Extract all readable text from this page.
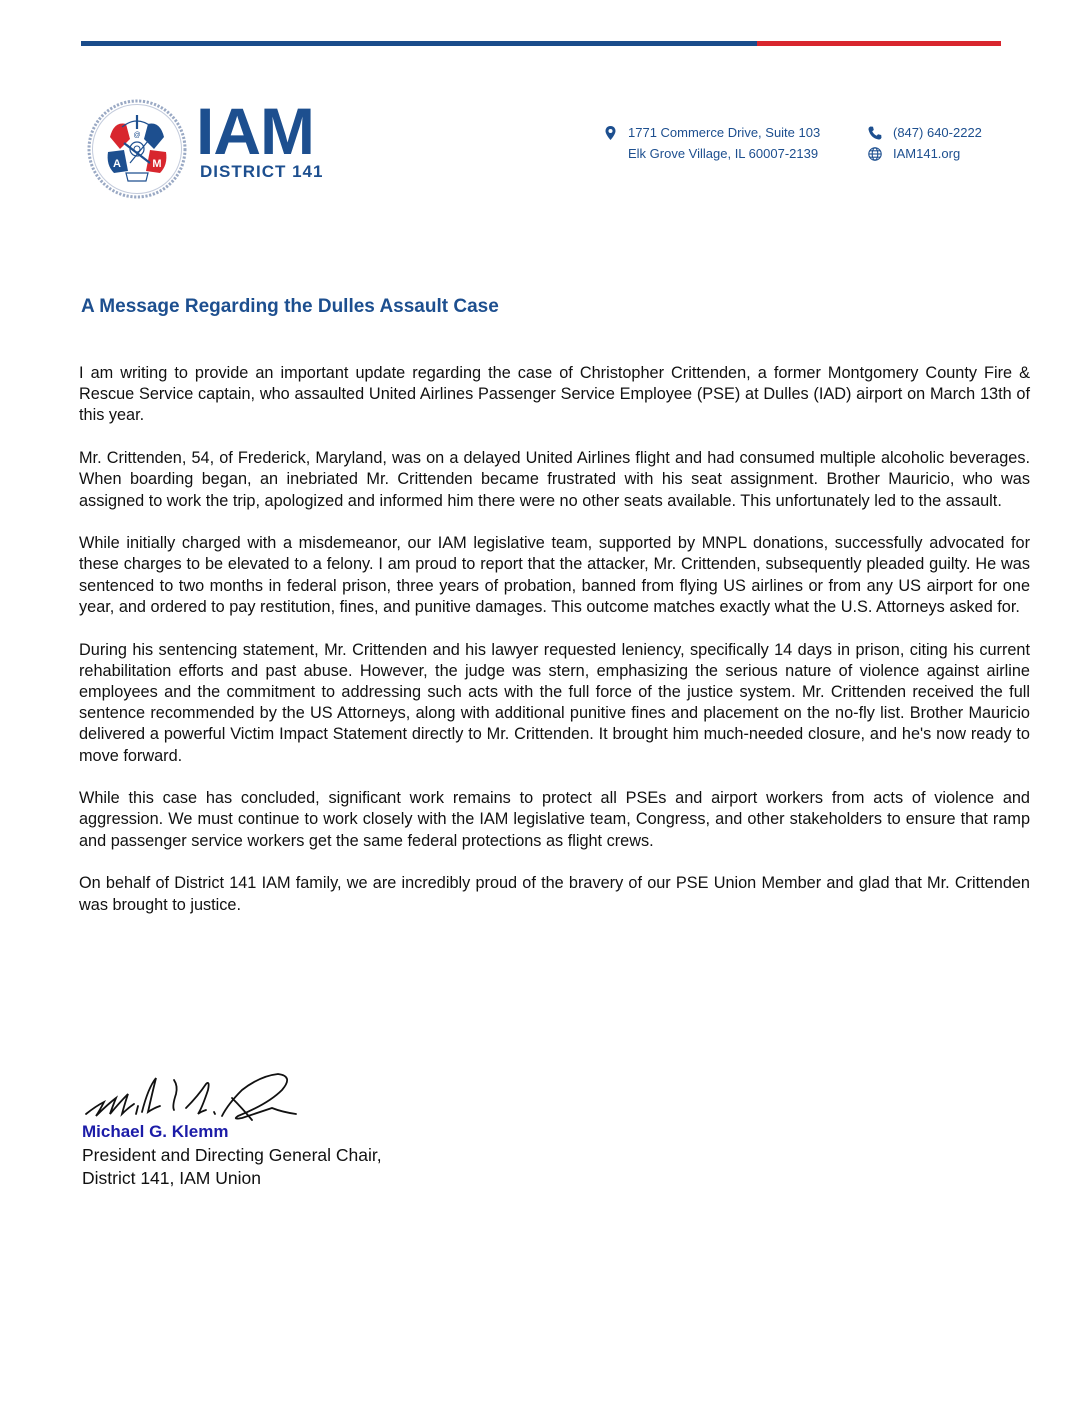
A	M
@ IAM
DISTRICT 141
1771 Commerce Drive, Suite 103
Elk Grove Village, IL 60007-2139
(847) 640-2222
IAM141.org
A Message Regarding the Dulles Assault Case

I am writing to provide an important update regarding the case of Christopher Crittenden, a former Montgomery County Fire & Rescue Service captain, who assaulted United Airlines Passenger Service Employee (PSE) at Dulles (IAD) airport on March 13th of this year.

Mr. Crittenden, 54, of Frederick, Maryland, was on a delayed United Airlines flight and had consumed multiple alcoholic beverages. When boarding began, an inebriated Mr. Crittenden became frustrated with his seat assignment. Brother Mauricio, who was assigned to work the trip, apologized and informed him there were no other seats available. This unfortunately led to the assault.

While initially charged with a misdemeanor, our IAM legislative team, supported by MNPL donations, successfully advocated for these charges to be elevated to a felony. I am proud to report that the attacker, Mr. Crittenden, subsequently pleaded guilty. He was sentenced to two months in federal prison, three years of probation, banned from flying US airlines or from any US airport for one year, and ordered to pay restitution, fines, and punitive damages. This outcome matches exactly what the U.S. Attorneys asked for.

During his sentencing statement, Mr. Crittenden and his lawyer requested leniency, specifically 14 days in prison, citing his current rehabilitation efforts and past abuse. However, the judge was stern, emphasizing the serious nature of violence against airline employees and the commitment to addressing such acts with the full force of the justice system. Mr. Crittenden received the full sentence recommended by the US Attorneys, along with additional punitive fines and placement on the no-fly list. Brother Mauricio delivered a powerful Victim Impact Statement directly to Mr. Crittenden. It brought him much-needed closure, and he's now ready to move forward.

While this case has concluded, significant work remains to protect all PSEs and airport workers from acts of violence and aggression. We must continue to work closely with the IAM legislative team, Congress, and other stakeholders to ensure that ramp and passenger service workers get the same federal protections as flight crews.

On behalf of District 141 IAM family, we are incredibly proud of the bravery of our PSE Union Member and glad that Mr. Crittenden was brought to justice.

Michael G. Klemm
President and Directing General Chair,
District 141, IAM Union
